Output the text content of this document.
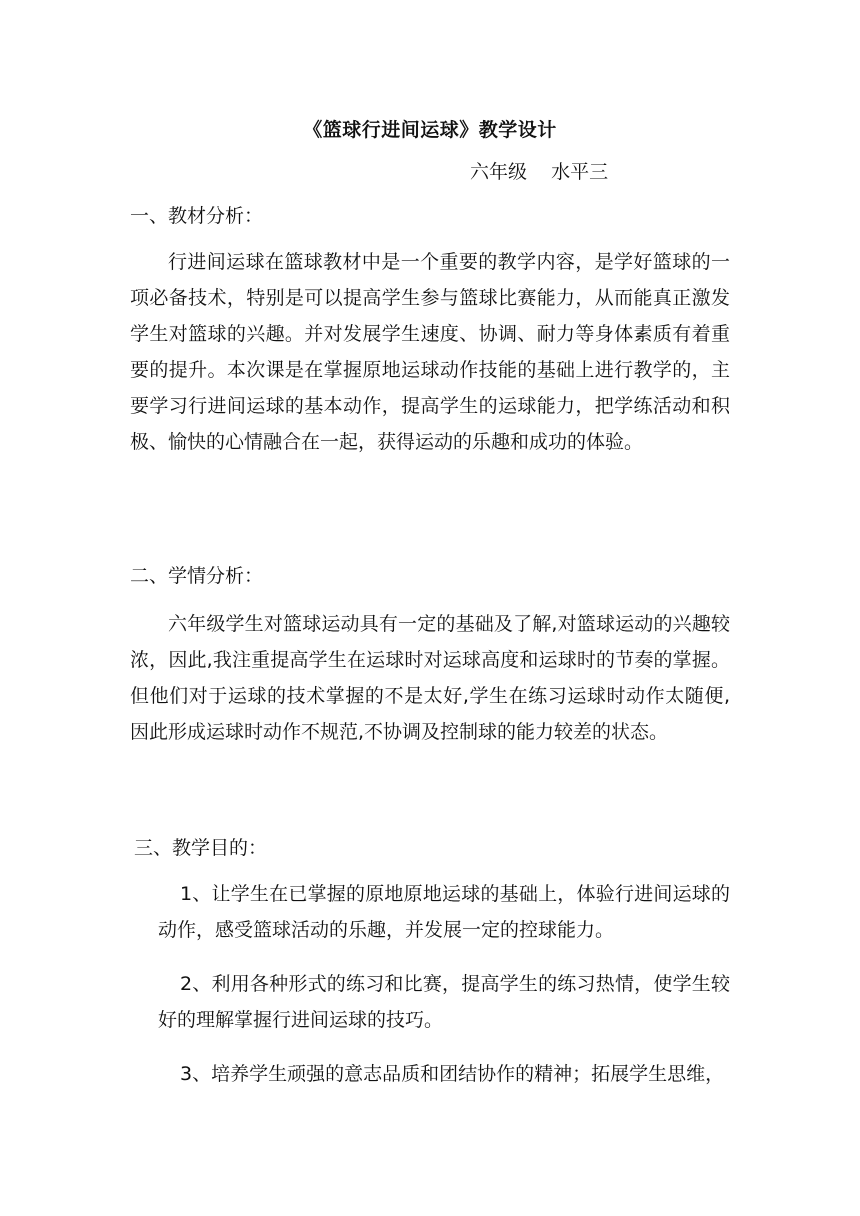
《篮球行进间运球》教学设计
六年级    水平三
一、教材分析：
行进间运球在篮球教材中是一个重要的教学内容，是学好篮球的一项必备技术，特别是可以提高学生参与篮球比赛能力，从而能真正激发学生对篮球的兴趣。并对发展学生速度、协调、耐力等身体素质有着重要的提升。本次课是在掌握原地运球动作技能的基础上进行教学的，主要学习行进间运球的基本动作，提高学生的运球能力，把学练活动和积极、愉快的心情融合在一起，获得运动的乐趣和成功的体验。
二、学情分析：
六年级学生对篮球运动具有一定的基础及了解,对篮球运动的兴趣较浓，因此,我注重提高学生在运球时对运球高度和运球时的节奏的掌握。但他们对于运球的技术掌握的不是太好,学生在练习运球时动作太随便,因此形成运球时动作不规范,不协调及控制球的能力较差的状态。
三、教学目的：
1、让学生在已掌握的原地原地运球的基础上，体验行进间运球的动作，感受篮球活动的乐趣，并发展一定的控球能力。
2、利用各种形式的练习和比赛，提高学生的练习热情，使学生较好的理解掌握行进间运球的技巧。
3、培养学生顽强的意志品质和团结协作的精神；拓展学生思维，
